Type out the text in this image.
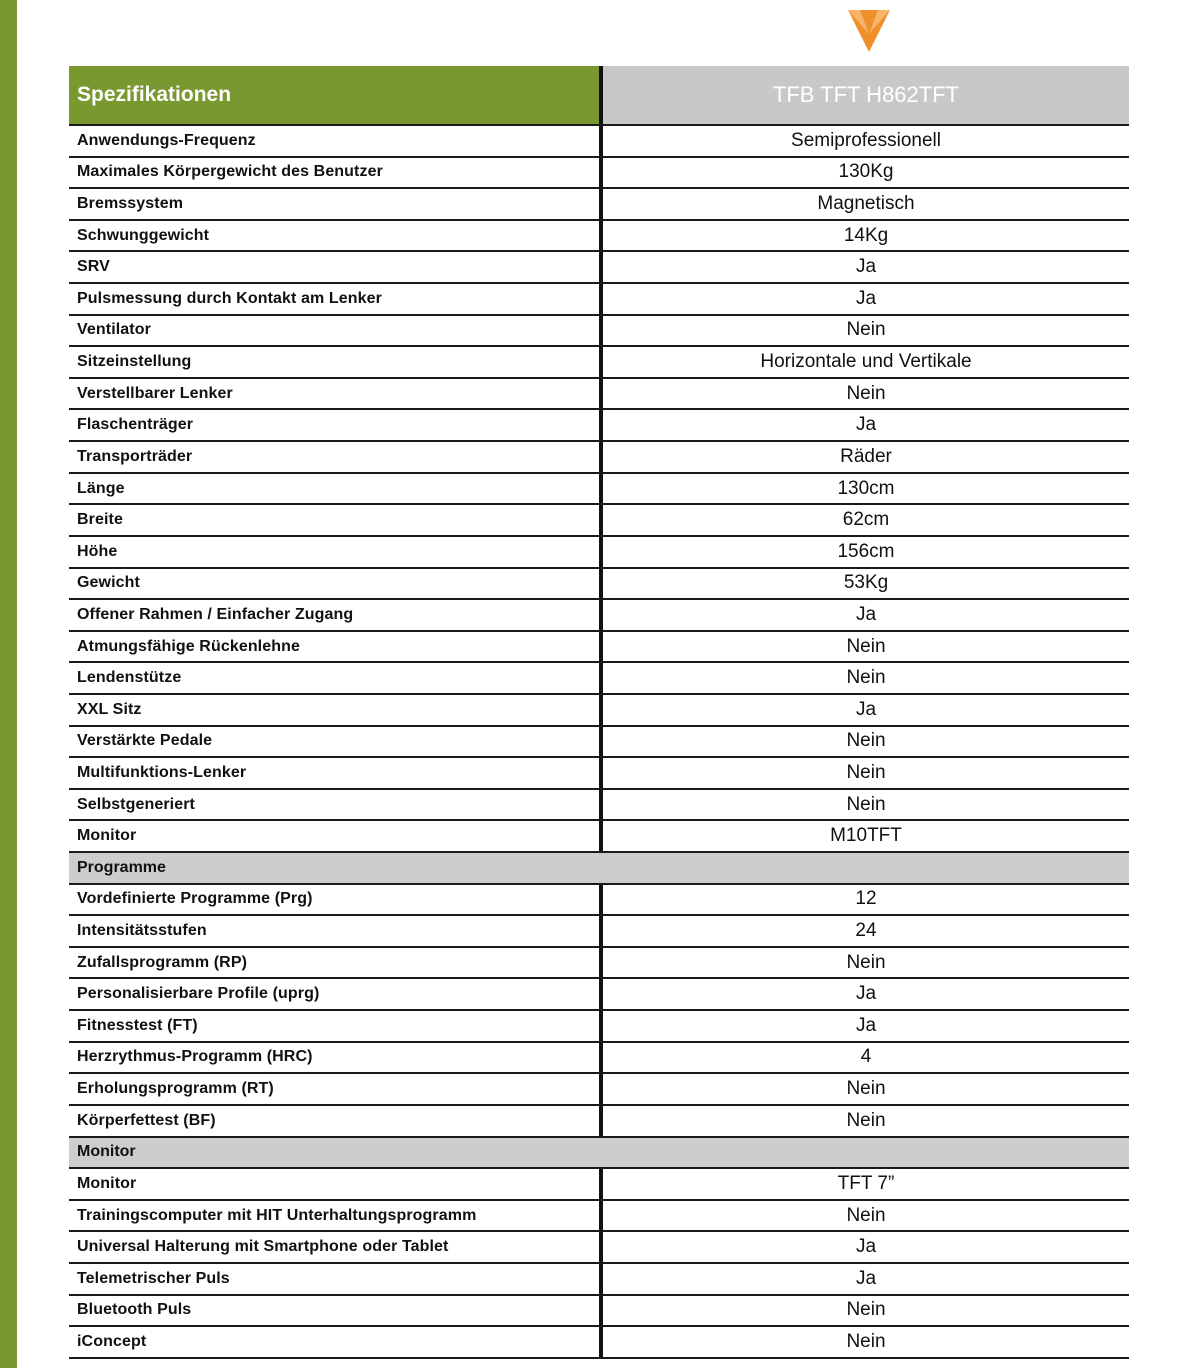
Spezifikationen	TFB TFT H862TFT
Anwendungs-Frequenz	Semiprofessionell
Maximales Körpergewicht des Benutzer	130Kg
Bremssystem	Magnetisch
Schwunggewicht	14Kg
SRV	Ja
Pulsmessung durch Kontakt am Lenker	Ja
Ventilator	Nein
Sitzeinstellung	Horizontale und Vertikale
Verstellbarer Lenker	Nein
Flaschenträger	Ja
Transporträder	Räder
Länge	130cm
Breite	62cm
Höhe	156cm
Gewicht	53Kg
Offener Rahmen / Einfacher Zugang	Ja
Atmungsfähige Rückenlehne	Nein
Lendenstütze	Nein
XXL Sitz	Ja
Verstärkte Pedale	Nein
Multifunktions-Lenker	Nein
Selbstgeneriert	Nein
Monitor	M10TFT
Programme
Vordefinierte Programme (Prg)	12
Intensitätsstufen	24
Zufallsprogramm (RP)	Nein
Personalisierbare Profile (uprg)	Ja
Fitnesstest (FT)	Ja
Herzrythmus-Programm (HRC)	4
Erholungsprogramm (RT)	Nein
Körperfettest (BF)	Nein
Monitor
Monitor	TFT 7”
Trainingscomputer mit HIT Unterhaltungsprogramm	Nein
Universal Halterung mit Smartphone oder Tablet	Ja
Telemetrischer Puls	Ja
Bluetooth Puls	Nein
iConcept	Nein
